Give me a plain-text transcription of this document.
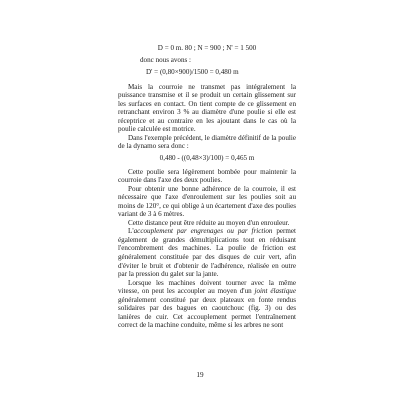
D = 0 m. 80 ; N = 900 ; N' = 1 500
donc nous avons :
D' = (0,80×900)/1500 = 0,480 m

Mais la courroie ne transmet pas intégralement la puissance transmise et il se produit un certain glissement sur les surfaces en contact. On tient compte de ce glissement en retranchant environ 3 % au diamètre d'une poulie si elle est réceptrice et au contraire en les ajoutant dans le cas où la poulie calculée est motrice.

Dans l'exemple précédent, le diamètre définitif de la poulie de la dynamo sera donc :

0,480 - ((0,48×3)/100) = 0,465 m

Cette poulie sera légèrement bombée pour maintenir la courroie dans l'axe des deux poulies.

Pour obtenir une bonne adhérence de la courroie, il est nécessaire que l'axe d'enroulement sur les poulies soit au moins de 120°, ce qui oblige à un écartement d'axe des poulies variant de 3 à 6 mètres.

Cette distance peut être réduite au moyen d'un enrouleur.

L'accouplement par engrenages ou par friction permet également de grandes démultiplications tout en réduisant l'encombrement des machines. La poulie de friction est généralement constituée par des disques de cuir vert, afin d'éviter le bruit et d'obtenir de l'adhérence, réalisée en outre par la pression du galet sur la jante.

Lorsque les machines doivent tourner avec la même vitesse, on peut les accoupler au moyen d'un joint élastique généralement constitué par deux plateaux en fonte rendus solidaires par des bagues en caoutchouc (fig. 3) ou des lanières de cuir. Cet accouplement permet l'entraînement correct de la machine conduite, même si les arbres ne sont

19
